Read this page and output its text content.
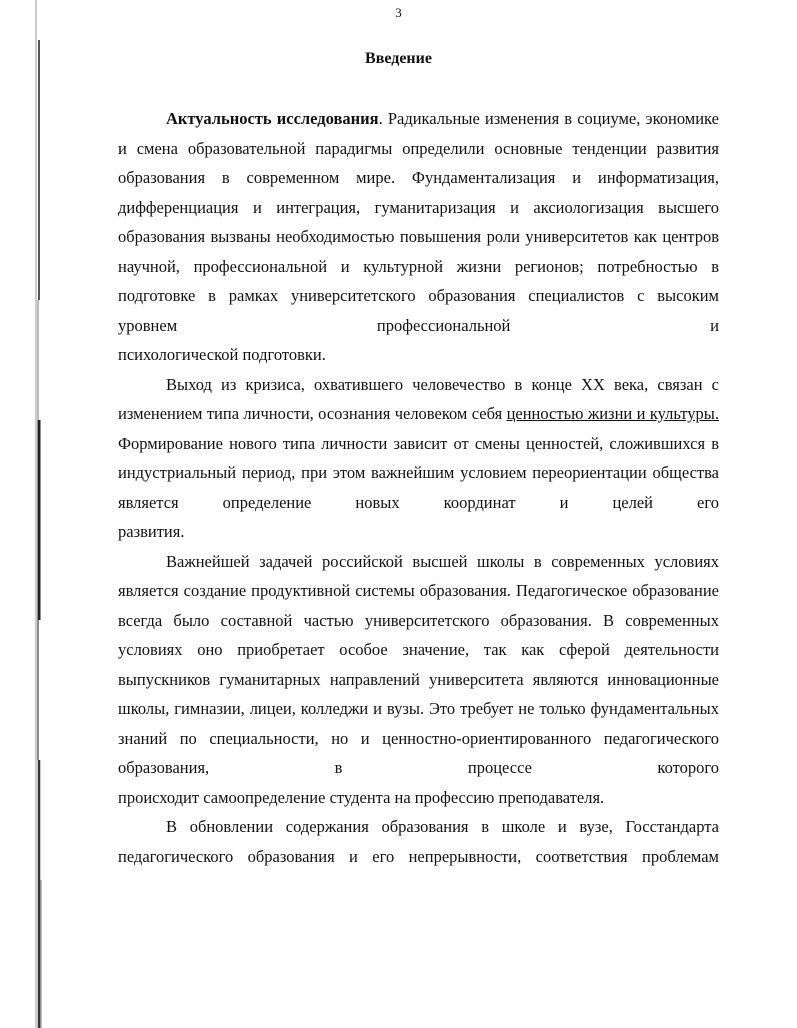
3

Введение

Актуальность исследования. Радикальные изменения в социуме, экономике и смена образовательной парадигмы определили основные тенденции развития образования в современном мире. Фундаментализация и информатизация, дифференциация и интеграция, гуманитаризация и аксиологизация высшего образования вызваны необходимостью повышения роли университетов как центров научной, профессиональной и культурной жизни регионов; потребностью в подготовке в рамках университетского образования специалистов с высоким уровнем профессиональной и

психологической подготовки.

Выход из кризиса, охватившего человечество в конце XX века, связан с изменением типа личности, осознания человеком себя ценностью жизни и культуры. Формирование нового типа личности зависит от смены ценностей, сложившихся в индустриальный период, при этом важнейшим условием переориентации общества является определение новых координат и целей его

развития.

Важнейшей задачей российской высшей школы в современных условиях является создание продуктивной системы образования. Педагогическое образование всегда было составной частью университетского образования. В современных условиях оно приобретает особое значение, так как сферой деятельности выпускников гуманитарных направлений университета являются инновационные школы, гимназии, лицеи, колледжи и вузы. Это требует не только фундаментальных знаний по специальности, но и ценностно-ориентированного педагогического образования, в процессе которого

происходит самоопределение студента на профессию преподавателя.

В обновлении содержания образования в школе и вузе, Госстандарта педагогического образования и его непрерывности, соответствия проблемам
